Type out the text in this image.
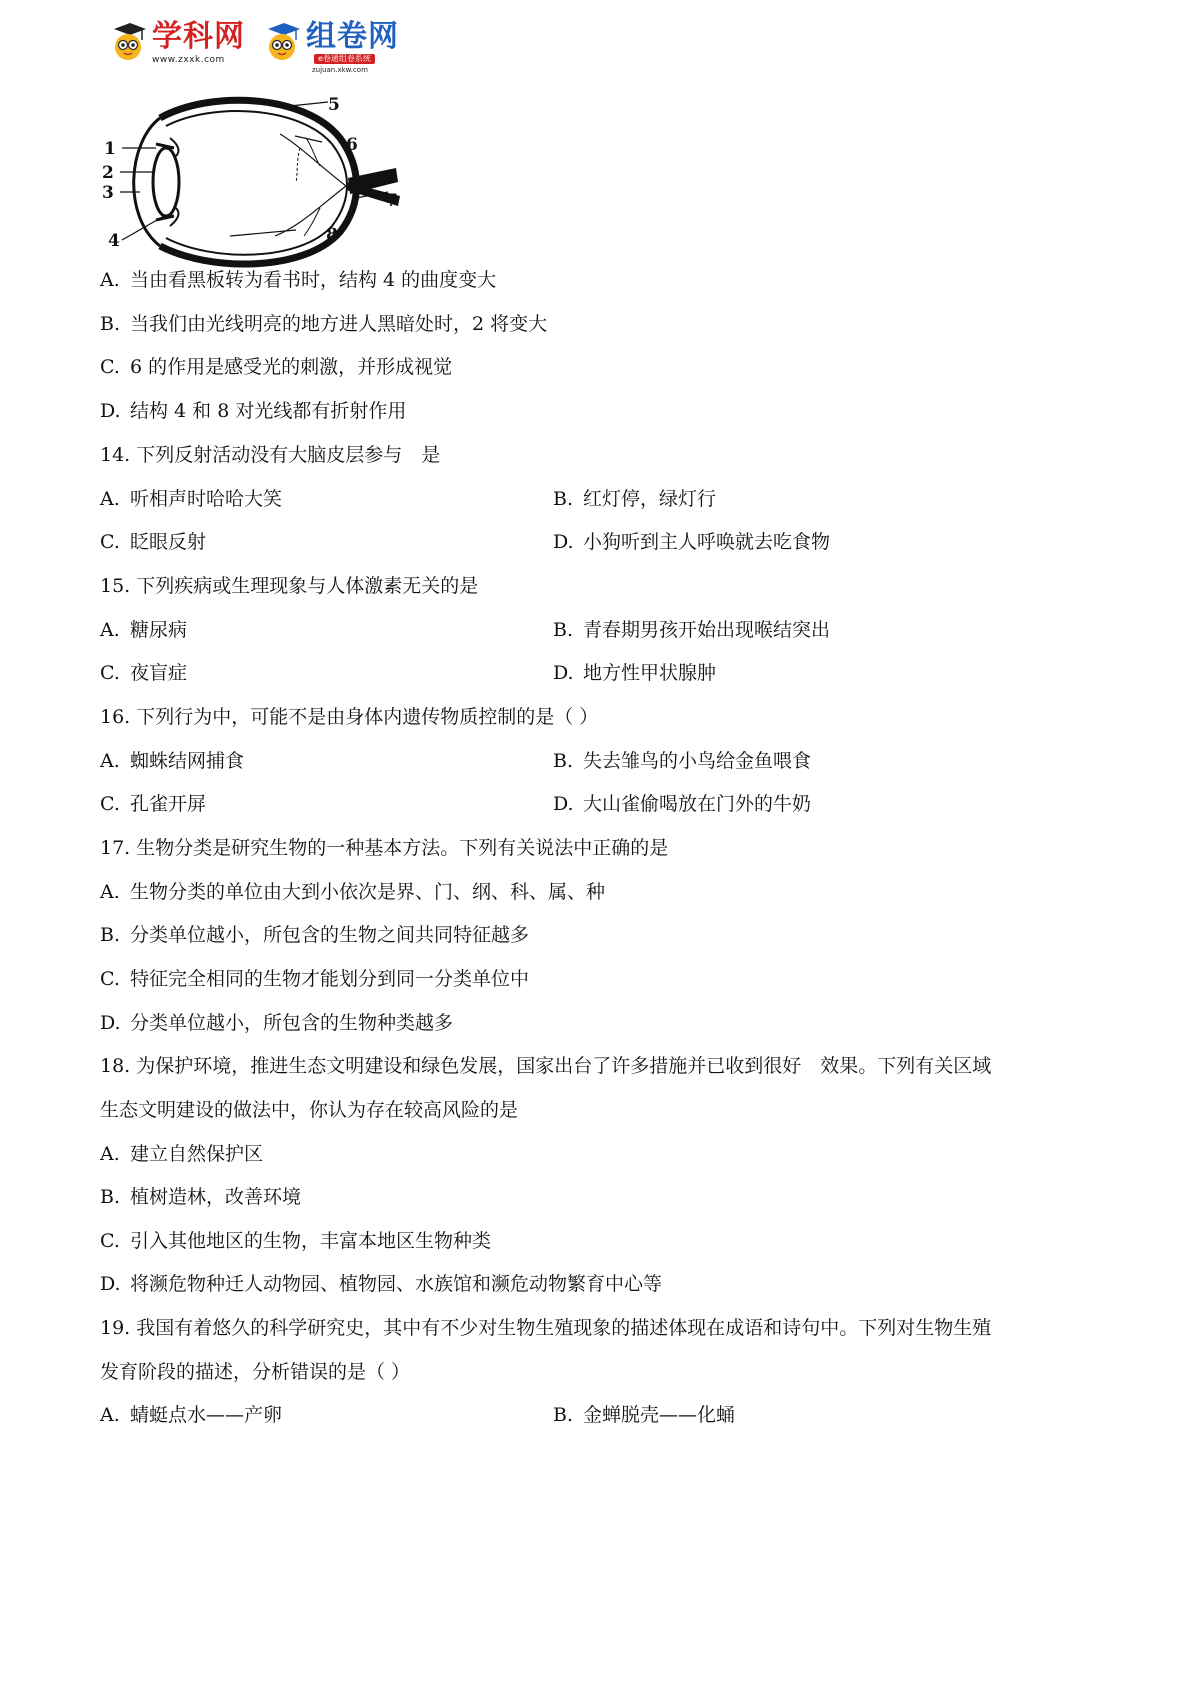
学科网
www.zxxk.com
组卷网
e卷通组卷系统
zujuan.xkw.com
1
2
3
4
5
6
7
8
A. 当由看黑板转为看书时，结构 4 的曲度变大
B. 当我们由光线明亮的地方进人黑暗处时，2 将变大
C. 6 的作用是感受光的刺激，并形成视觉
D. 结构 4 和 8 对光线都有折射作用
14. 下列反射活动没有大脑皮层参与　是
A. 听相声时哈哈大笑	B. 红灯停，绿灯行
C. 眨眼反射	D. 小狗听到主人呼唤就去吃食物
15. 下列疾病或生理现象与人体激素无关的是
A. 糖尿病	B. 青春期男孩开始出现喉结突出
C. 夜盲症	D. 地方性甲状腺肿
16. 下列行为中，可能不是由身体内遗传物质控制的是（ ）
A. 蜘蛛结网捕食	B. 失去雏鸟的小鸟给金鱼喂食
C. 孔雀开屏	D. 大山雀偷喝放在门外的牛奶
17. 生物分类是研究生物的一种基本方法。下列有关说法中正确的是
A. 生物分类的单位由大到小依次是界、门、纲、科、属、种
B. 分类单位越小，所包含的生物之间共同特征越多
C. 特征完全相同的生物才能划分到同一分类单位中
D. 分类单位越小，所包含的生物种类越多
18. 为保护环境，推进生态文明建设和绿色发展，国家出台了许多措施并已收到很好　效果。下列有关区域
生态文明建设的做法中，你认为存在较高风险的是
A. 建立自然保护区
B. 植树造林，改善环境
C. 引入其他地区的生物，丰富本地区生物种类
D. 将濒危物种迁人动物园、植物园、水族馆和濒危动物繁育中心等
19. 我国有着悠久的科学研究史，其中有不少对生物生殖现象的描述体现在成语和诗句中。下列对生物生殖
发育阶段的描述，分析错误的是（ ）
A. 蜻蜓点水——产卵	B. 金蝉脱壳——化蛹
